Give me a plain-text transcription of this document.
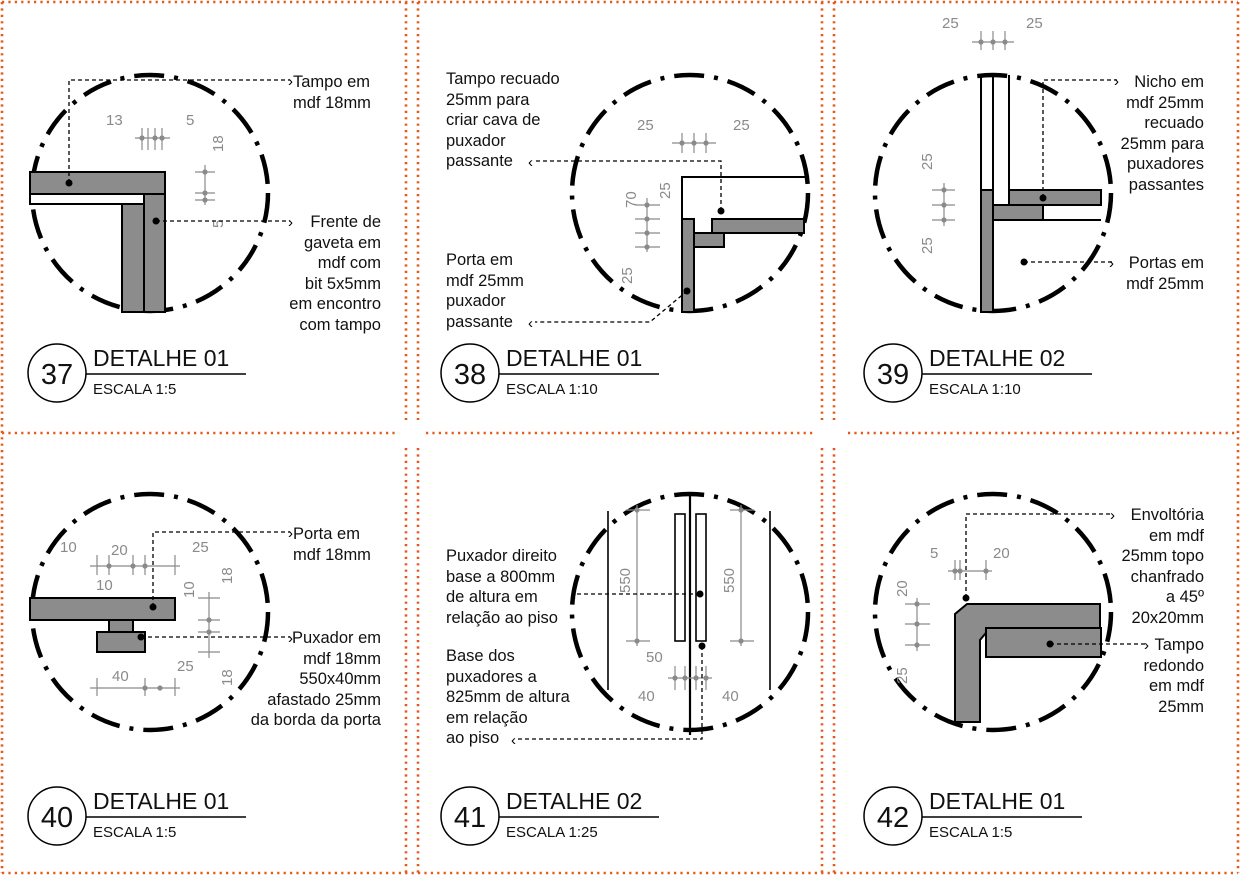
13	5
18
5
›
›
37
DETALHE 01
ESCALA 1:5
25	25
70
25
25
‹
‹
38
DETALHE 01
ESCALA 1:10
25	25
25
25
›
›
39
DETALHE 02
ESCALA 1:10
10 20	25
10	10
18
18
40
25
›
›
40
DETALHE 01
ESCALA 1:5
550	550
50
40	40
‹
‹
41
DETALHE 02
ESCALA 1:25
5	20
20
25
›
›
42
DETALHE 01
ESCALA 1:5
Tampo em
mdf 18mm
Frente de
gaveta em
mdf com
bit 5x5mm
em encontro
com tampo
Tampo recuado
25mm para
criar cava de
puxador
passante
Porta em
mdf 25mm
puxador
passante
Nicho em
mdf 25mm
recuado
25mm para
puxadores
passantes
Portas em
mdf 25mm
Porta em
mdf 18mm
Puxador em
mdf 18mm
550x40mm
afastado 25mm
da borda da porta
Puxador direito
base a 800mm
de altura em
relação ao piso
Base dos
puxadores a
825mm de altura
em relação
ao piso
Envoltória
em mdf
25mm topo
chanfrado
a 45º
20x20mm
Tampo
redondo
em mdf
25mm
